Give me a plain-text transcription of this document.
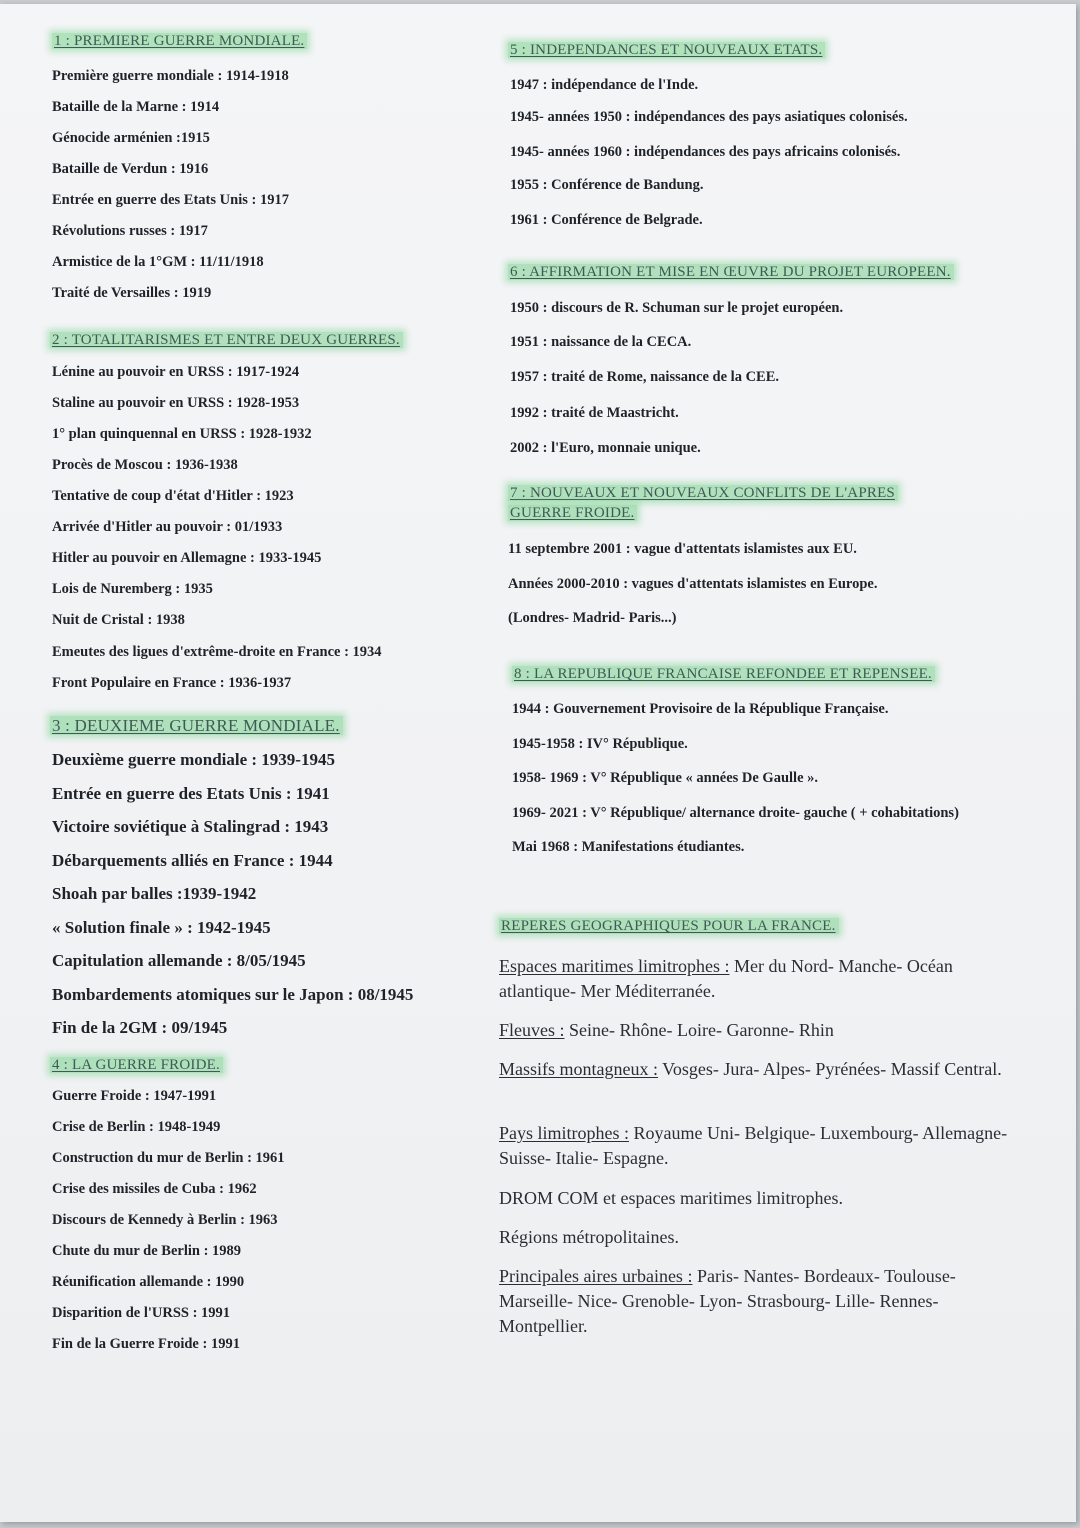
1 : PREMIERE GUERRE MONDIALE.
Première guerre mondiale : 1914-1918
Bataille de la Marne : 1914
Génocide arménien :1915
Bataille de Verdun : 1916
Entrée en guerre des Etats Unis : 1917
Révolutions russes : 1917
Armistice de la 1°GM : 11/11/1918
Traité de Versailles : 1919
2 : TOTALITARISMES ET ENTRE DEUX GUERRES.
Lénine au pouvoir en URSS : 1917-1924
Staline au pouvoir en URSS : 1928-1953
1° plan quinquennal en URSS : 1928-1932
Procès de Moscou : 1936-1938
Tentative de coup d'état d'Hitler : 1923
Arrivée d'Hitler au pouvoir : 01/1933
Hitler au pouvoir en Allemagne : 1933-1945
Lois de Nuremberg : 1935
Nuit de Cristal : 1938
Emeutes des ligues d'extrême-droite en France : 1934
Front Populaire en France : 1936-1937
3 : DEUXIEME GUERRE MONDIALE.
Deuxième guerre mondiale : 1939-1945
Entrée en guerre des Etats Unis : 1941
Victoire soviétique à Stalingrad : 1943
Débarquements alliés en France : 1944
Shoah par balles :1939-1942
« Solution finale » : 1942-1945
Capitulation allemande : 8/05/1945
Bombardements atomiques sur le Japon : 08/1945
Fin de la 2GM : 09/1945
4 : LA GUERRE FROIDE.
Guerre Froide : 1947-1991
Crise de Berlin : 1948-1949
Construction du mur de Berlin : 1961
Crise des missiles de Cuba : 1962
Discours de Kennedy à Berlin : 1963
Chute du mur de Berlin : 1989
Réunification allemande : 1990
Disparition de l'URSS : 1991
Fin de la Guerre Froide : 1991
5 : INDEPENDANCES ET NOUVEAUX ETATS.
1947 : indépendance de l'Inde.
1945- années 1950 : indépendances des pays asiatiques colonisés.
1945- années 1960 : indépendances des pays africains colonisés.
1955 : Conférence de Bandung.
1961 : Conférence de Belgrade.
6 : AFFIRMATION ET MISE EN ŒUVRE DU PROJET EUROPEEN.
1950 : discours de R. Schuman sur le projet européen.
1951 : naissance de la CECA.
1957 : traité de Rome, naissance de la CEE.
1992 : traité de Maastricht.
2002 : l'Euro, monnaie unique.
7 : NOUVEAUX ET NOUVEAUX CONFLITS DE L'APRES
GUERRE FROIDE.
11 septembre 2001 : vague d'attentats islamistes aux EU.
Années 2000-2010 : vagues d'attentats islamistes en Europe.
(Londres- Madrid- Paris...)
8 : LA REPUBLIQUE FRANCAISE REFONDEE ET REPENSEE.
1944 : Gouvernement Provisoire de la République Française.
1945-1958 : IV° République.
1958- 1969 : V° République « années De Gaulle ».
1969- 2021 : V° République/ alternance droite- gauche ( + cohabitations)
Mai 1968 : Manifestations étudiantes.
REPERES GEOGRAPHIQUES POUR LA FRANCE.
Espaces maritimes limitrophes : Mer du Nord- Manche- Océan atlantique- Mer Méditerranée.
Fleuves : Seine- Rhône- Loire- Garonne- Rhin
Massifs montagneux : Vosges- Jura- Alpes- Pyrénées- Massif Central.
Pays limitrophes : Royaume Uni- Belgique- Luxembourg- Allemagne- Suisse- Italie- Espagne.
DROM COM et espaces maritimes limitrophes.
Régions métropolitaines.
Principales aires urbaines : Paris- Nantes- Bordeaux- Toulouse- Marseille- Nice- Grenoble- Lyon- Strasbourg- Lille- Rennes- Montpellier.
